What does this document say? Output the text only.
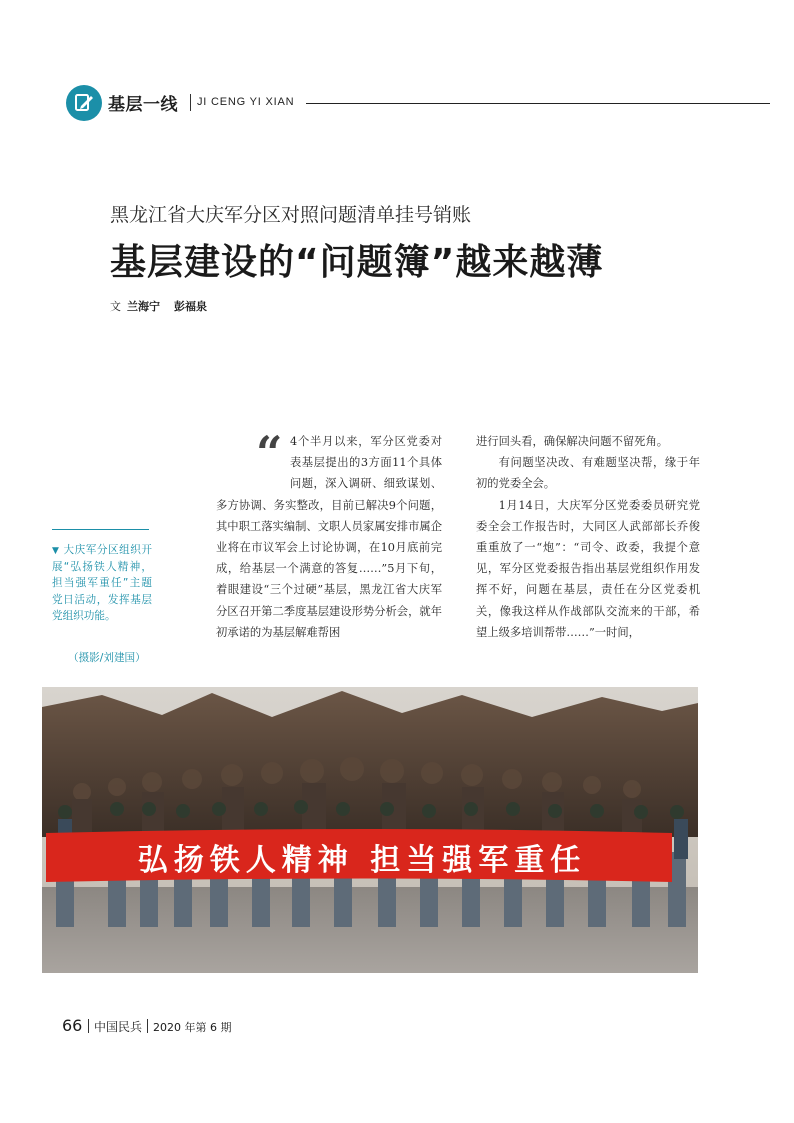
基层一线 JI CENG YI XIAN
黑龙江省大庆军分区对照问题清单挂号销账
基层建设的“问题簿”越来越薄
文 兰海宁 彭福泉
“ 4个半月以来，军分区党委对表基层提出的3方面11个具体问题，深入调研、细致谋划、多方协调、务实整改，目前已解决9个问题，其中职工落实编制、文职人员家属安排市属企业将在市议军会上讨论协调，在10月底前完成，给基层一个满意的答复……”5月下旬，着眼建设“三个过硬”基层，黑龙江省大庆军分区召开第二季度基层建设形势分析会，就年初承诺的为基层解难帮困

进行回头看，确保解决问题不留死角。

有问题坚决改、有难题坚决帮，缘于年初的党委全会。

1月14日，大庆军分区党委委员研究党委全会工作报告时，大同区人武部部长乔俊重重放了一“炮”：“司令、政委，我提个意见，军分区党委报告指出基层党组织作用发挥不好，问题在基层，责任在分区党委机关，像我这样从作战部队交流来的干部，希望上级多培训帮带……”一时间，

▼ 大庆军分区组织开展“弘扬铁人精神，担当强军重任”主题党日活动，发挥基层党组织功能。
（摄影/刘建国）
弘扬铁人精神 担当强军重任
66 中国民兵 2020 年第 6 期
